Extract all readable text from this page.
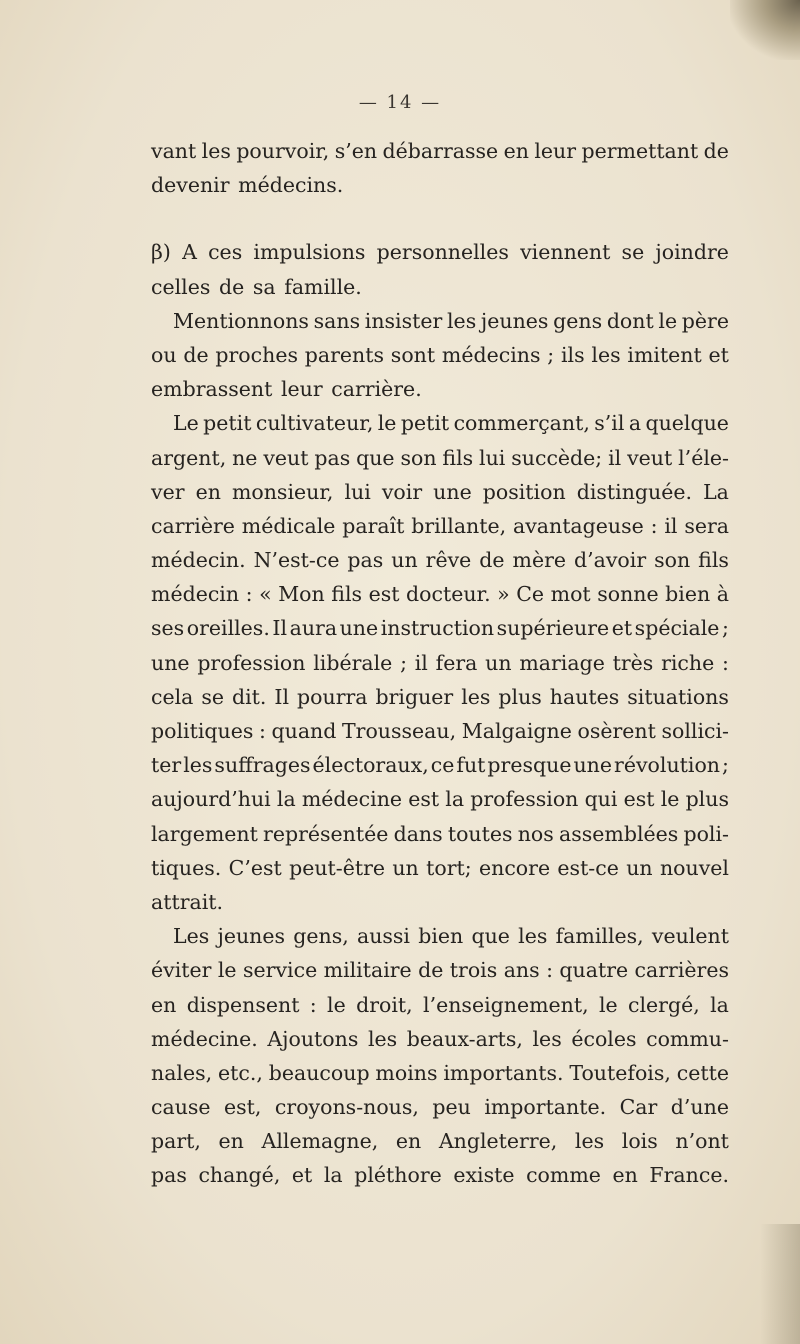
— 14 —
vant les pourvoir, s’en débarrasse en leur permettant de
devenir médecins.
β) A ces impulsions personnelles viennent se joindre
celles de sa famille.
Mentionnons sans insister les jeunes gens dont le père
ou de proches parents sont médecins ; ils les imitent et
embrassent leur carrière.
Le petit cultivateur, le petit commerçant, s’il a quelque
argent, ne veut pas que son fils lui succède; il veut l’éle-
ver en monsieur, lui voir une position distinguée. La
carrière médicale paraît brillante, avantageuse : il sera
médecin. N’est-ce pas un rêve de mère d’avoir son fils
médecin : « Mon fils est docteur. » Ce mot sonne bien à
ses oreilles. Il aura une instruction supérieure et spéciale ;
une profession libérale ; il fera un mariage très riche :
cela se dit. Il pourra briguer les plus hautes situations
politiques : quand Trousseau, Malgaigne osèrent sollici-
ter les suffrages électoraux, ce fut presque une révolution ;
aujourd’hui la médecine est la profession qui est le plus
largement représentée dans toutes nos assemblées poli-
tiques. C’est peut-être un tort; encore est-ce un nouvel
attrait.
Les jeunes gens, aussi bien que les familles, veulent
éviter le service militaire de trois ans : quatre carrières
en dispensent : le droit, l’enseignement, le clergé, la
médecine. Ajoutons les beaux-arts, les écoles commu-
nales, etc., beaucoup moins importants. Toutefois, cette
cause est, croyons-nous, peu importante. Car d’une
part, en Allemagne, en Angleterre, les lois n’ont
pas changé, et la pléthore existe comme en France.
